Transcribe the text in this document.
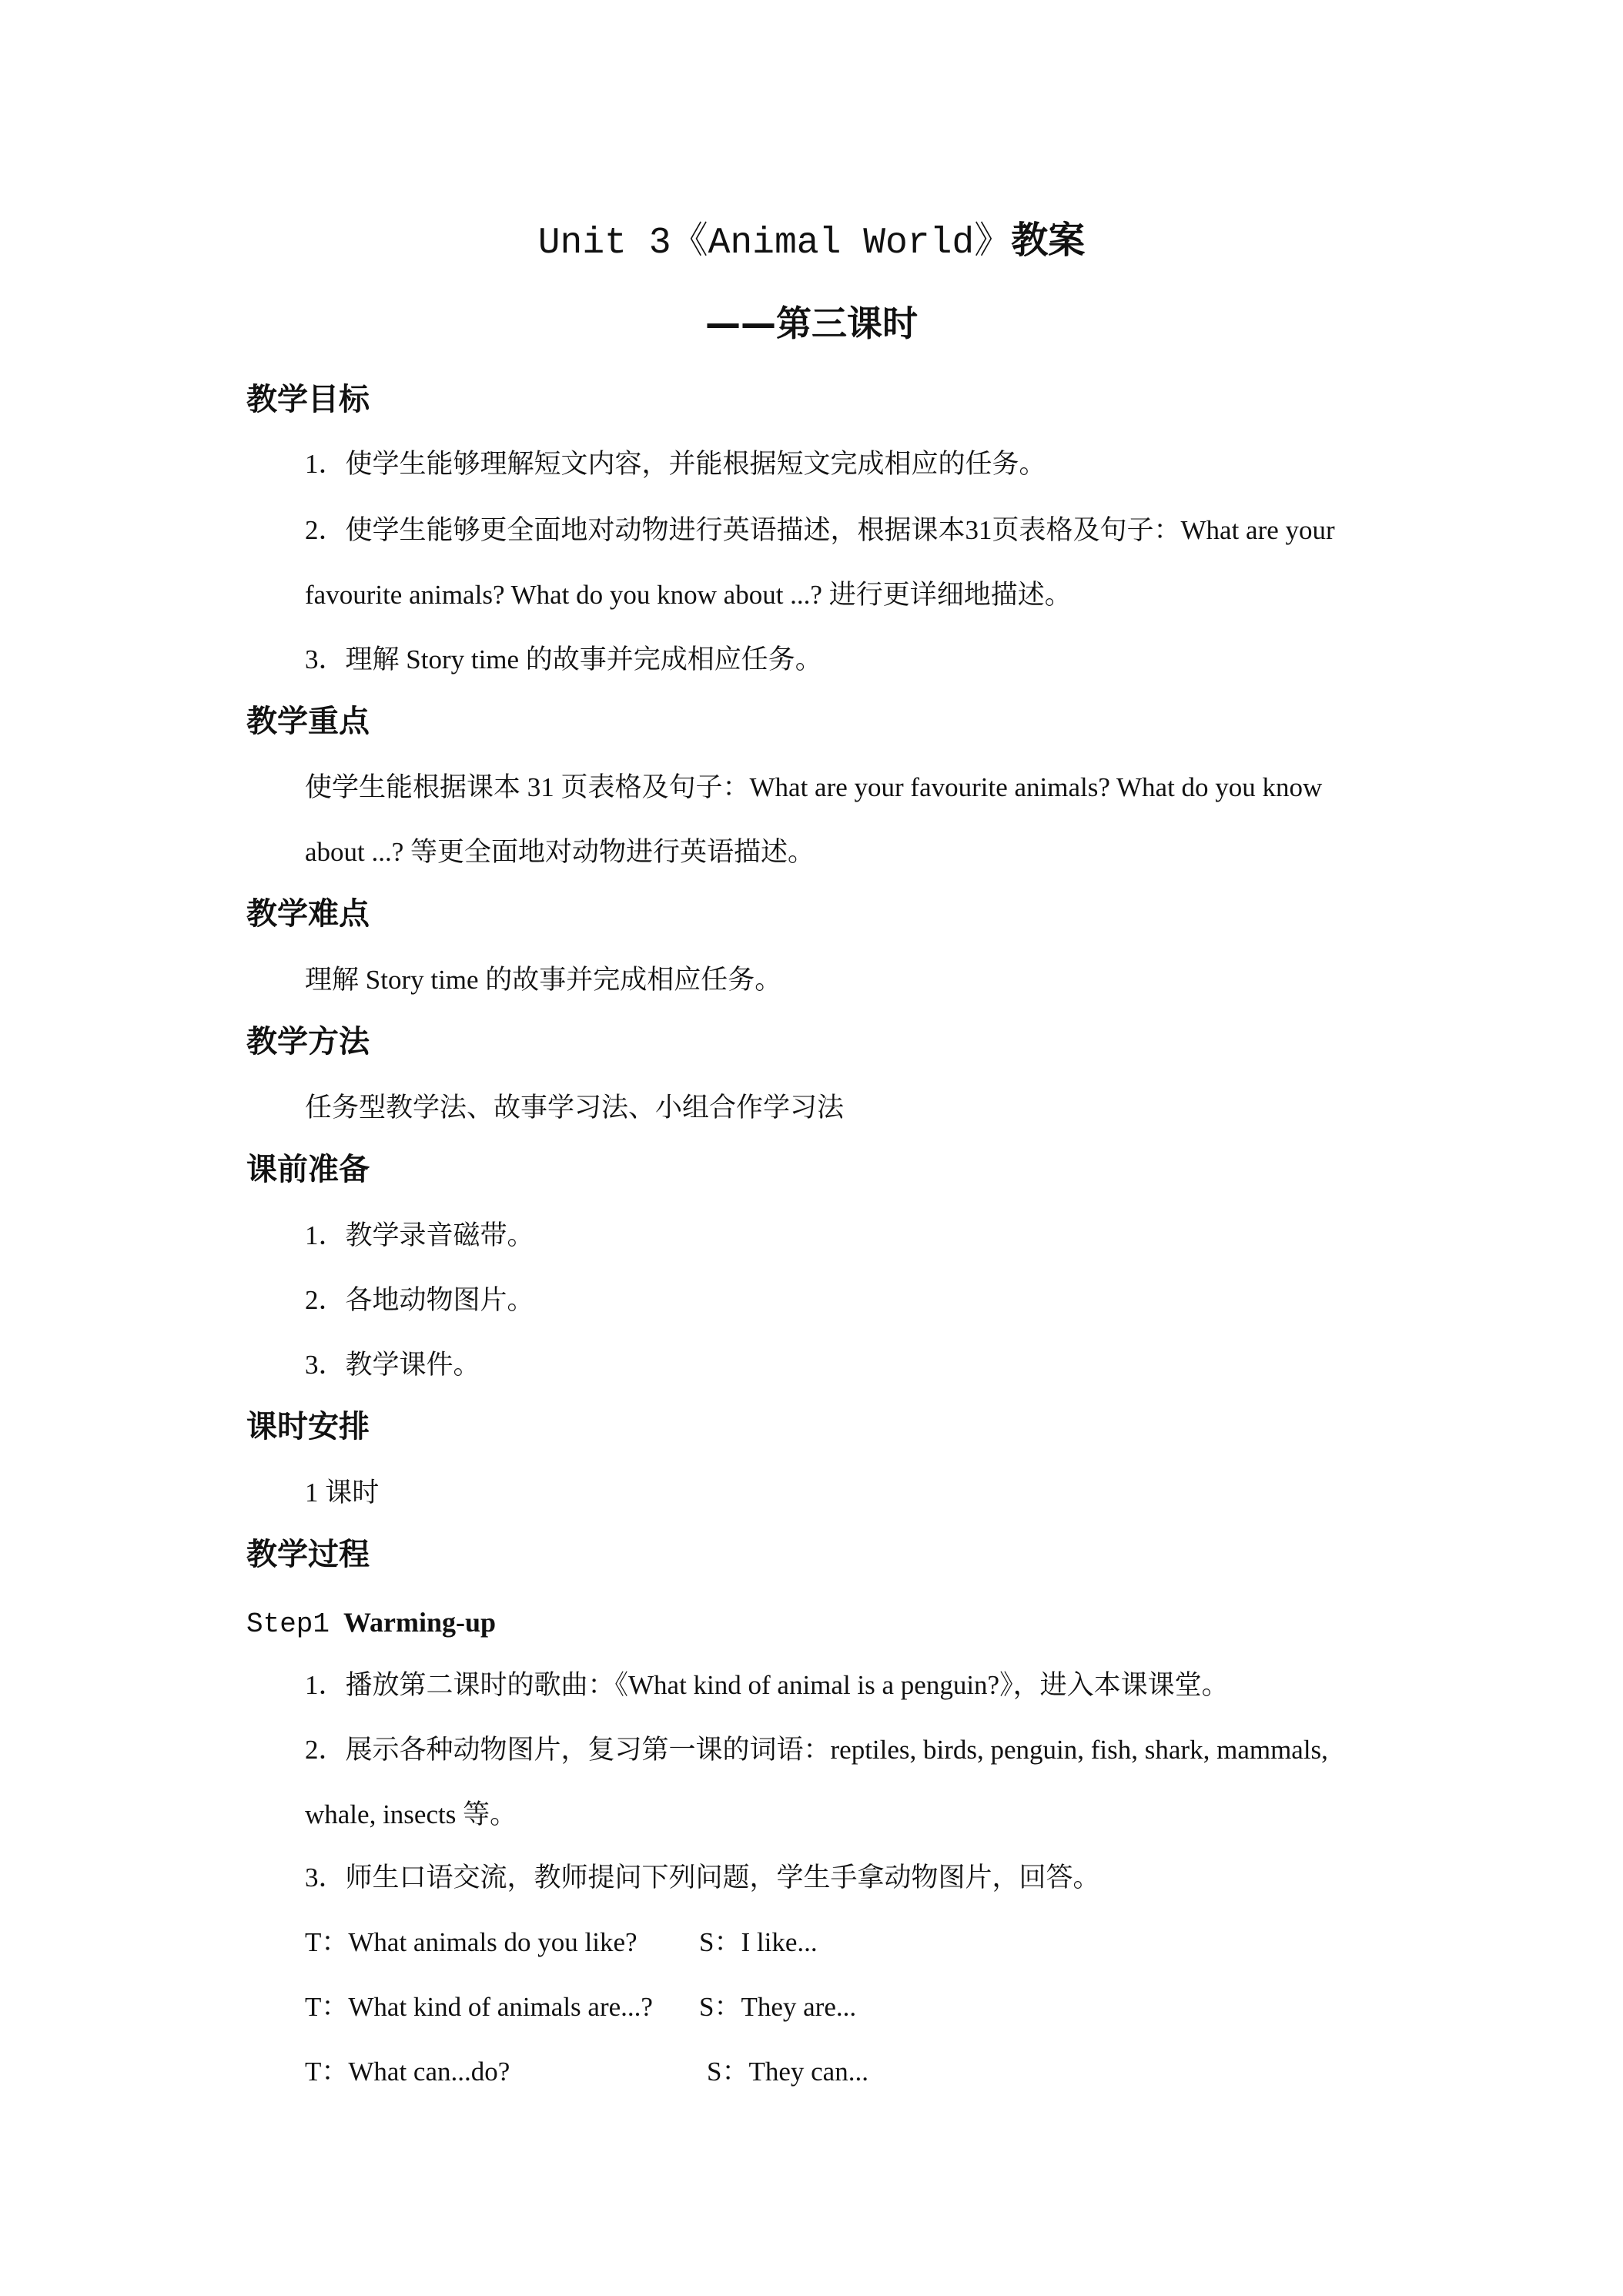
Unit 3《Animal World》教案
——第三课时
教学目标
1．使学生能够理解短文内容，并能根据短文完成相应的任务。
2．使学生能够更全面地对动物进行英语描述，根据课本31页表格及句子：What are your
favourite animals? What do you know about ...? 进行更详细地描述。
3．理解 Story time 的故事并完成相应任务。
教学重点
使学生能根据课本 31 页表格及句子：What are your favourite animals? What do you know
about ...? 等更全面地对动物进行英语描述。
教学难点
理解 Story time 的故事并完成相应任务。
教学方法
任务型教学法、故事学习法、小组合作学习法
课前准备
1．教学录音磁带。
2．各地动物图片。
3．教学课件。
课时安排
1 课时
教学过程
Step1 Warming-up
1．播放第二课时的歌曲：《What kind of animal is a penguin?》，进入本课课堂。
2．展示各种动物图片，复习第一课的词语：reptiles, birds, penguin, fish, shark, mammals,
whale, insects 等。
3．师生口语交流，教师提问下列问题，学生手拿动物图片，回答。
T：What animals do you like? S：I like...
T：What kind of animals are...? S：They are...
T：What can...do?	S：They can...
